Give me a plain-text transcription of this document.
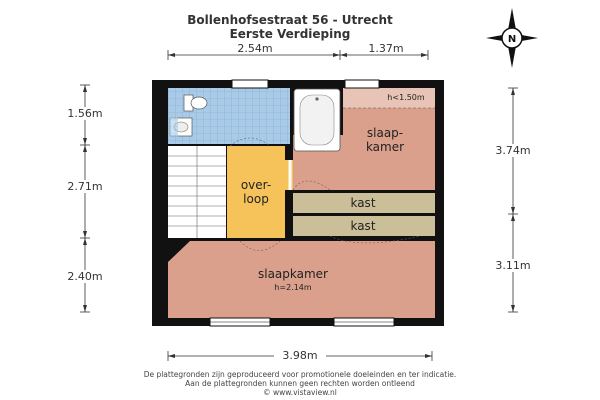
Bollenhofsestraat 56 - Utrecht
Eerste Verdieping	N
2.54m	1.37m
1.56m
2.71m
2.40m
3.74m
3.11m
3.98m
slaap-
kamer
h<1.50m
over-
loop	kast
kast
slaapkamer
h=2.14m
De plattegronden zijn geproduceerd voor promotionele doeleinden en ter indicatie.
Aan de plattegronden kunnen geen rechten worden ontleend
© www.vistaview.nl
